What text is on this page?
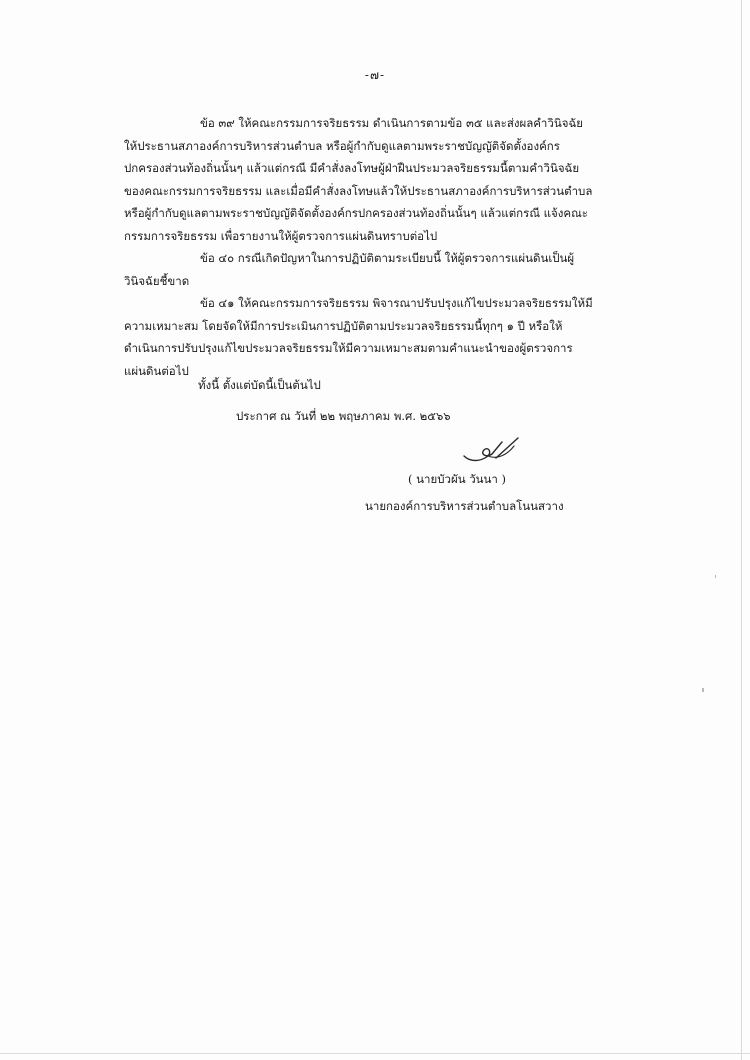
-๗-

ข้อ ๓๙ ให้คณะกรรมการจริยธรรม ดำเนินการตามข้อ ๓๕ และส่งผลคำวินิจฉัยให้ประธานสภาองค์การบริหารส่วนตำบล หรือผู้กำกับดูแลตามพระราชบัญญัติจัดตั้งองค์กรปกครองส่วนท้องถิ่นนั้นๆ แล้วแต่กรณี มีคำสั่งลงโทษผู้ฝ่าฝืนประมวลจริยธรรมนี้ตามคำวินิจฉัยของคณะกรรมการจริยธรรม และเมื่อมีคำสั่งลงโทษแล้วให้ประธานสภาองค์การบริหารส่วนตำบล หรือผู้กำกับดูแลตามพระราชบัญญัติจัดตั้งองค์กรปกครองส่วนท้องถิ่นนั้นๆ แล้วแต่กรณี แจ้งคณะกรรมการจริยธรรม เพื่อรายงานให้ผู้ตรวจการแผ่นดินทราบต่อไป

ข้อ ๔๐ กรณีเกิดปัญหาในการปฏิบัติตามระเบียบนี้ ให้ผู้ตรวจการแผ่นดินเป็นผู้วินิจฉัยชี้ขาด

ข้อ ๔๑ ให้คณะกรรมการจริยธรรม พิจารณาปรับปรุงแก้ไขประมวลจริยธรรมให้มีความเหมาะสม โดยจัดให้มีการประเมินการปฏิบัติตามประมวลจริยธรรมนี้ทุกๆ ๑ ปี หรือให้ดำเนินการปรับปรุงแก้ไขประมวลจริยธรรมให้มีความเหมาะสมตามคำแนะนำของผู้ตรวจการแผ่นดินต่อไป

ทั้งนี้ ตั้งแต่บัดนี้เป็นต้นไป
ประกาศ ณ วันที่ ๒๒ พฤษภาคม พ.ศ. ๒๕๖๖
( นายบัวผัน วันนา )
นายกองค์การบริหารส่วนตำบลโนนสวาง
